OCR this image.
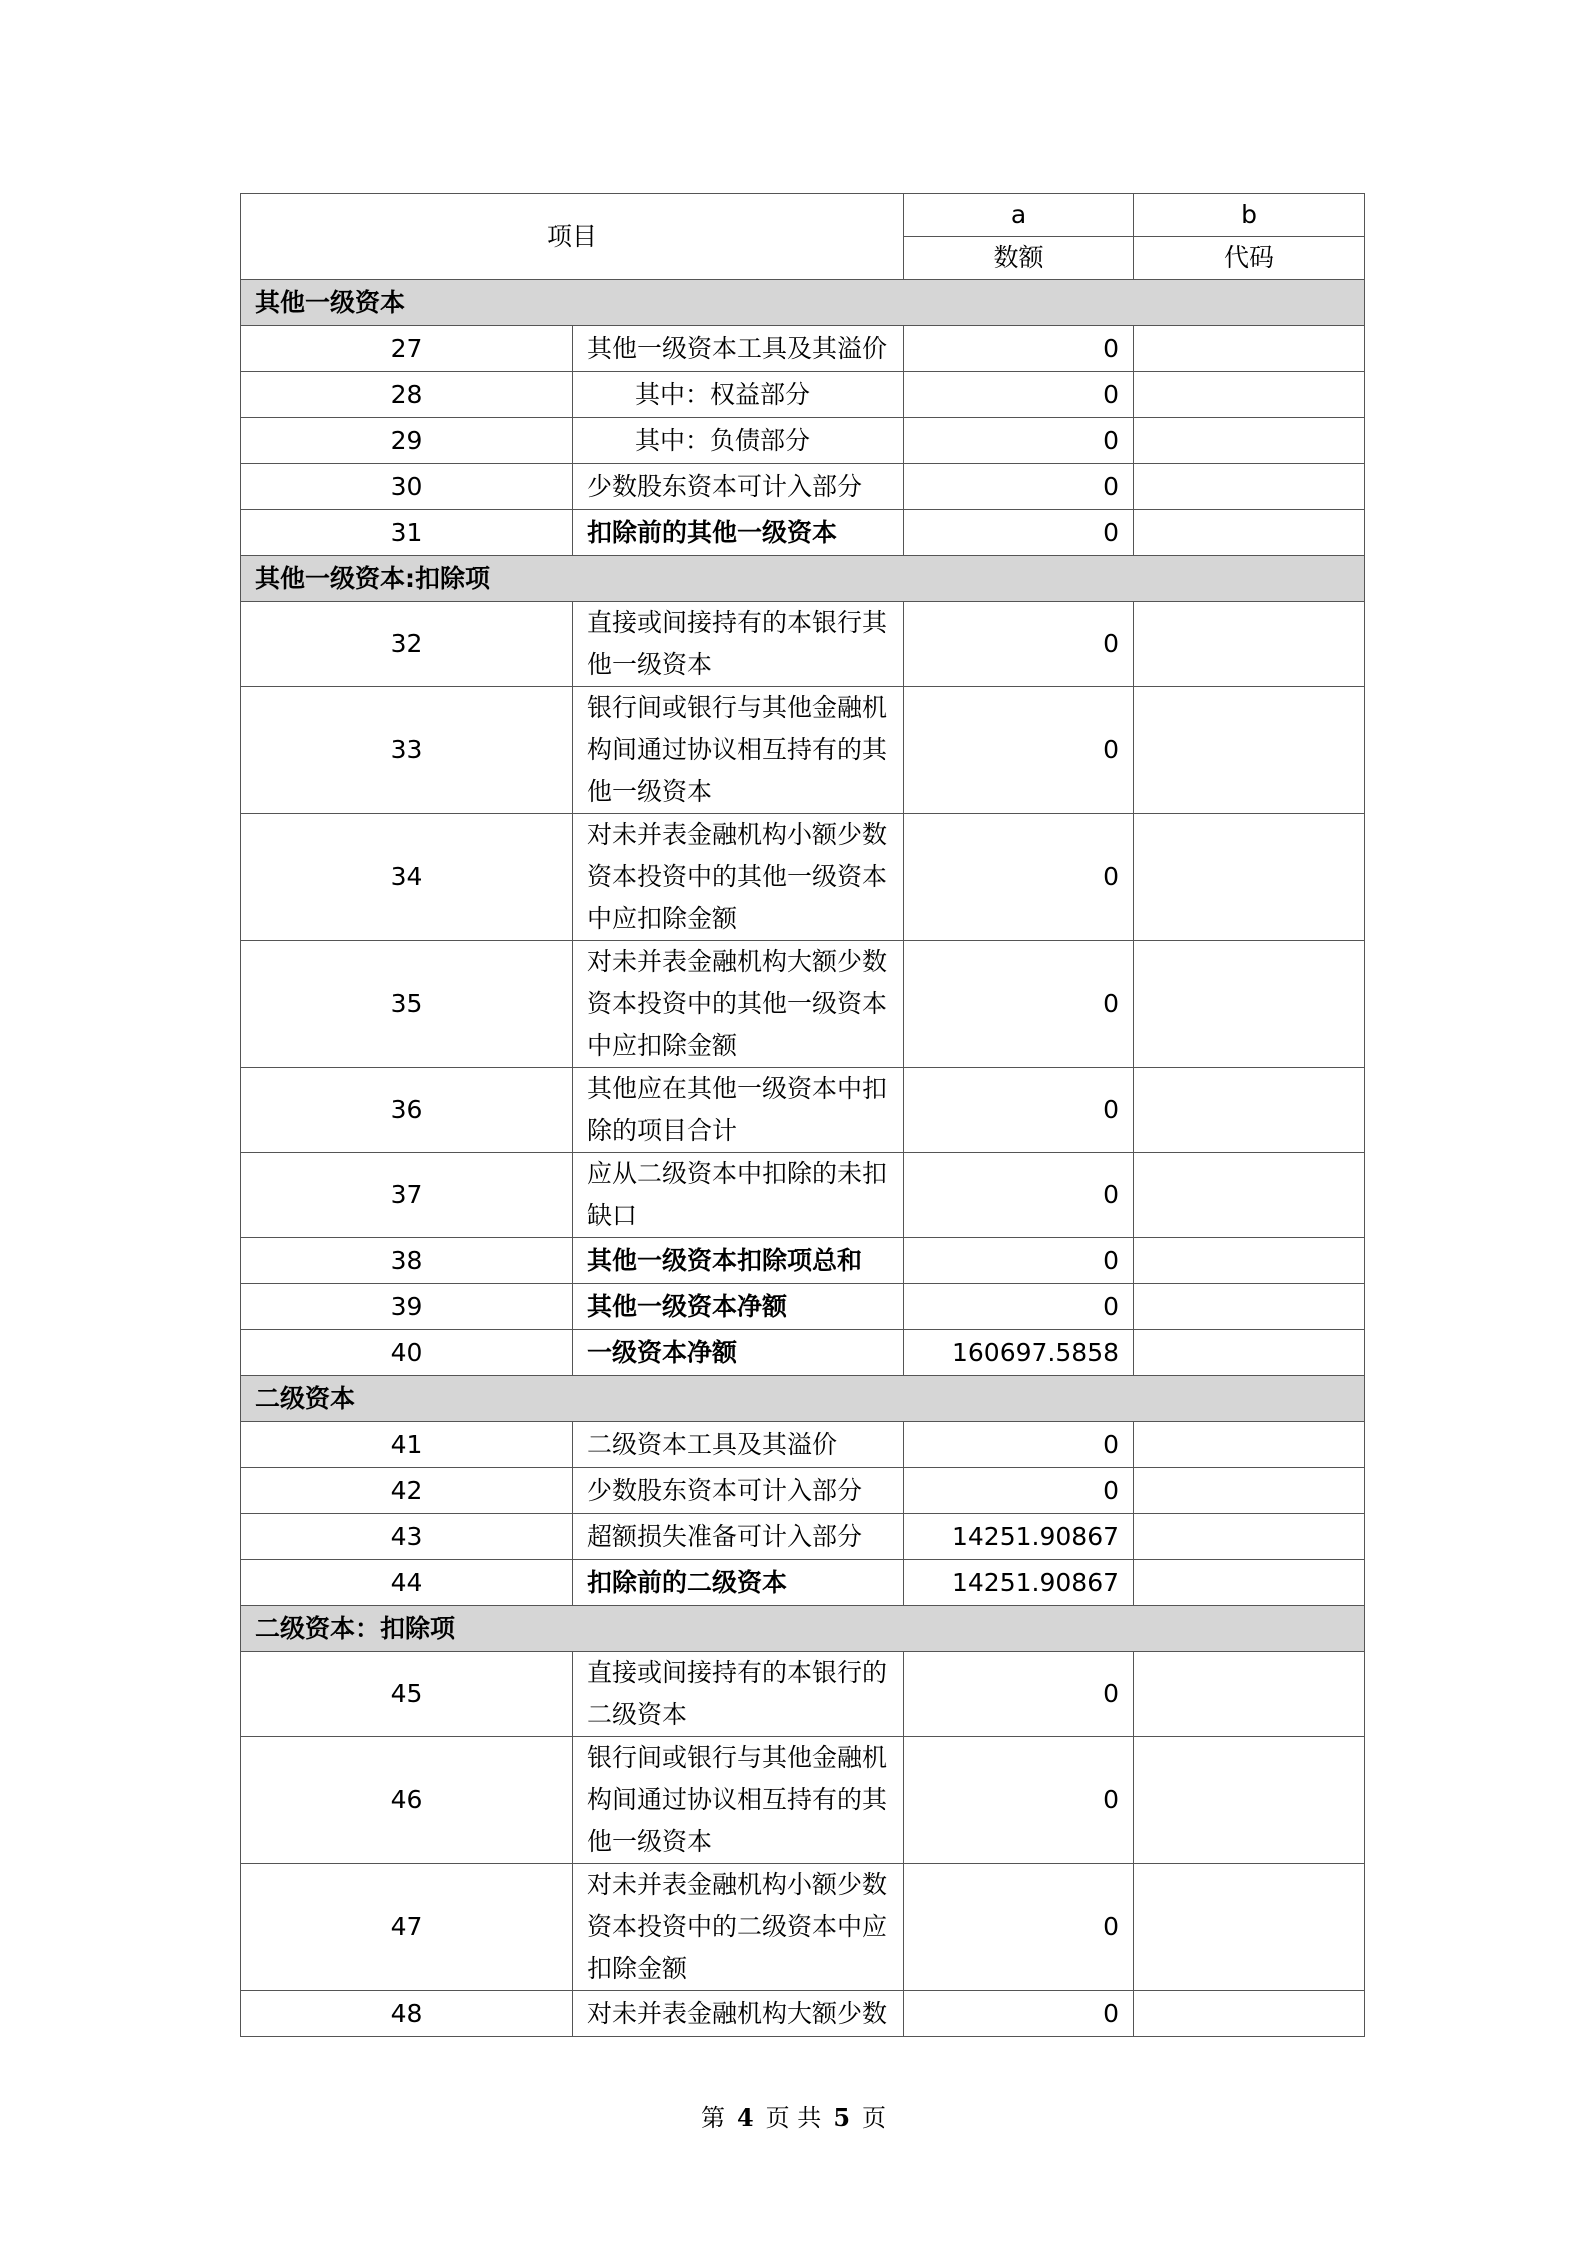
项目		a	b
		数额	代码
其他一级资本			
27	其他一级资本工具及其溢价	0	
28	其中：权益部分	0	
29	其中：负债部分	0	
30	少数股东资本可计入部分	0	
31	扣除前的其他一级资本	0	
其他一级资本:扣除项			
32	直接或间接持有的本银行其他一级资本	0	
33	银行间或银行与其他金融机构间通过协议相互持有的其他一级资本	0	
34	对未并表金融机构小额少数资本投资中的其他一级资本中应扣除金额	0	
35	对未并表金融机构大额少数资本投资中的其他一级资本中应扣除金额	0	
36	其他应在其他一级资本中扣除的项目合计	0	
37	应从二级资本中扣除的未扣缺口	0	
38	其他一级资本扣除项总和	0	
39	其他一级资本净额	0	
40	一级资本净额	160697.5858	
二级资本			
41	二级资本工具及其溢价	0	
42	少数股东资本可计入部分	0	
43	超额损失准备可计入部分	14251.90867	
44	扣除前的二级资本	14251.90867	
二级资本：扣除项			
45	直接或间接持有的本银行的二级资本	0	
46	银行间或银行与其他金融机构间通过协议相互持有的其他一级资本	0	
47	对未并表金融机构小额少数资本投资中的二级资本中应扣除金额	0	
48	对未并表金融机构大额少数	0	
第 4 页 共 5 页
